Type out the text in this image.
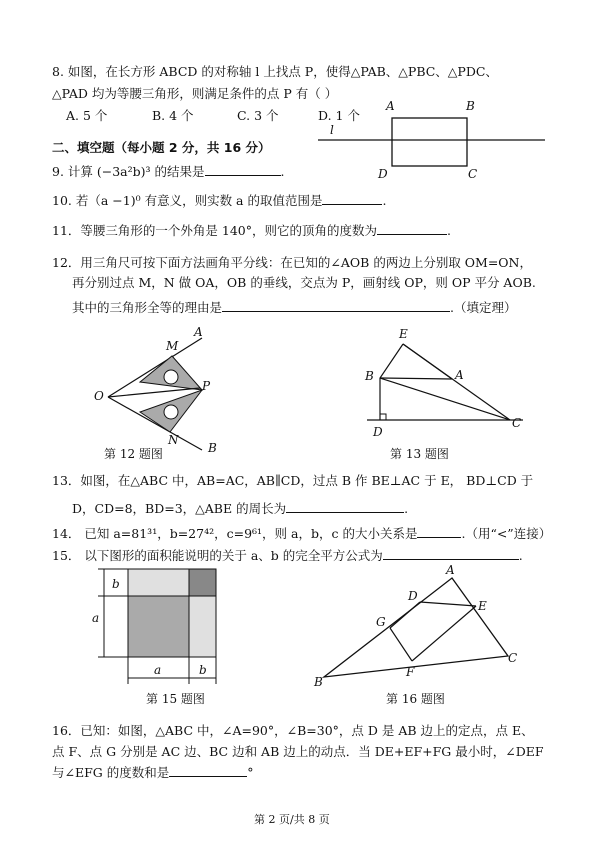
8. 如图，在长方形 ABCD 的对称轴 l 上找点 P，使得△PAB、△PBC、△PDC、
△PAD 均为等腰三角形，则满足条件的点 P 有（ ）
A. 5 个	B. 4 个	C. 3 个	D. 1 个
A	B
l
D	C
二、填空题（每小题 2 分，共 16 分）
9. 计算 (−3a²b)³ 的结果是	.
10. 若（a −1)⁰ 有意义，则实数 a 的取值范围是	.
11．等腰三角形的一个外角是 140°，则它的顶角的度数为	.
12．用三角尺可按下面方法画角平分线：在已知的∠AOB 的两边上分别取 OM=ON，
再分别过点 M，N 做 OA，OB 的垂线，交点为 P，画射线 OP，则 OP 平分 AOB.
其中的三角形全等的理由是	.（填定理）
A
M
O
P
N
B
第 12 题图
E
B	A
D
C
第 13 题图
13．如图，在△ABC 中，AB=AC，AB∥CD，过点 B 作 BE⊥AC 于 E， BD⊥CD 于
D，CD=8，BD=3，△ABE 的周长为	.
14． 已知 a=81³¹，b=27⁴²，c=9⁶¹，则 a，b，c 的大小关系是	.（用“<”连接）
15． 以下图形的面积能说明的关于 a、b 的完全平方公式为	.
b
a
a	b
第 15 题图
A
D
E
G
F
B
C
第 16 题图
16．已知：如图，△ABC 中，∠A=90°，∠B=30°，点 D 是 AB 边上的定点，点 E、
点 F、点 G 分别是 AC 边、BC 边和 AB 边上的动点．当 DE+EF+FG 最小时，∠DEF
与∠EFG 的度数和是	°
第 2 页/共 8 页
